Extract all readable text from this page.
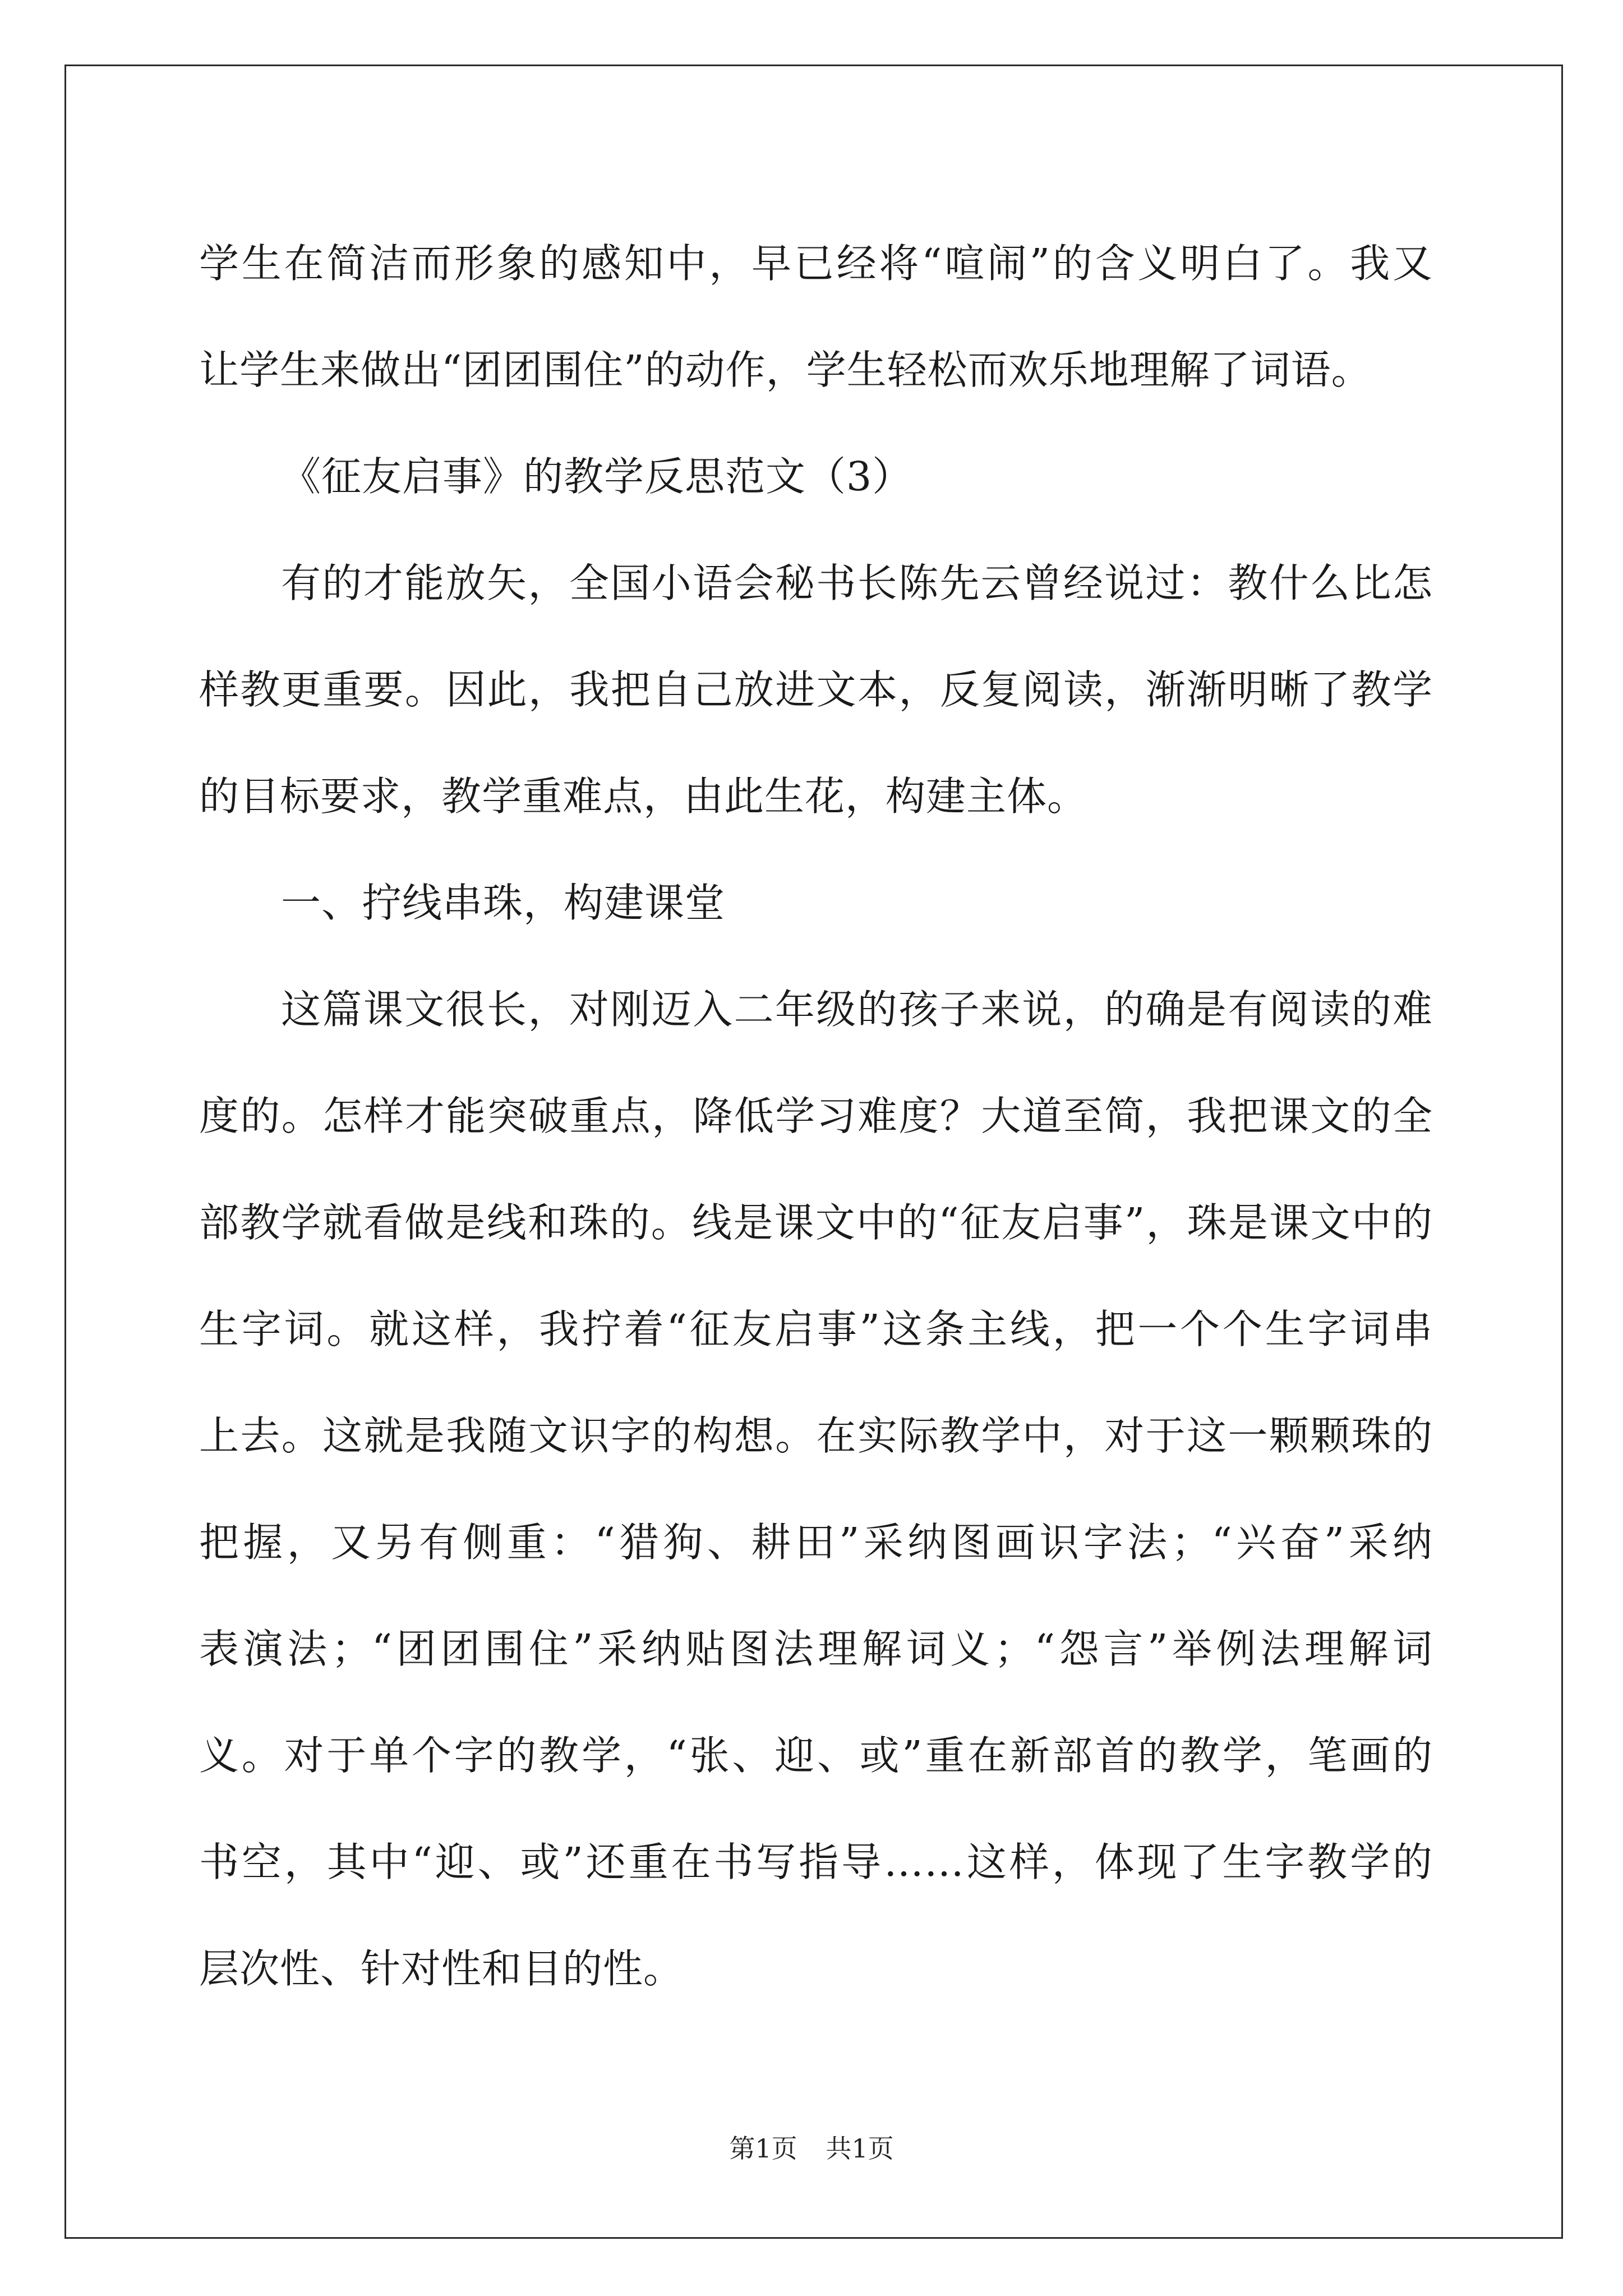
学生在简洁而形象的感知中，早已经将“喧闹”的含义明白了。我又
让学生来做出“团团围住”的动作，学生轻松而欢乐地理解了词语。
《征友启事》的教学反思范文（3）
有的才能放矢，全国小语会秘书长陈先云曾经说过：教什么比怎
样教更重要。因此，我把自己放进文本，反复阅读，渐渐明晰了教学
的目标要求，教学重难点，由此生花，构建主体。
一、拧线串珠，构建课堂
这篇课文很长，对刚迈入二年级的孩子来说，的确是有阅读的难
度的。怎样才能突破重点，降低学习难度？大道至简，我把课文的全
部教学就看做是线和珠的。线是课文中的“征友启事”，珠是课文中的
生字词。就这样，我拧着“征友启事”这条主线，把一个个生字词串
上去。这就是我随文识字的构想。在实际教学中，对于这一颗颗珠的
把握，又另有侧重：“猎狗、耕田”采纳图画识字法；“兴奋”采纳
表演法；“团团围住”采纳贴图法理解词义；“怨言”举例法理解词
义。对于单个字的教学，“张、迎、或”重在新部首的教学，笔画的
书空，其中“迎、或”还重在书写指导……这样，体现了生字教学的
层次性、针对性和目的性。
第1页 共1页
